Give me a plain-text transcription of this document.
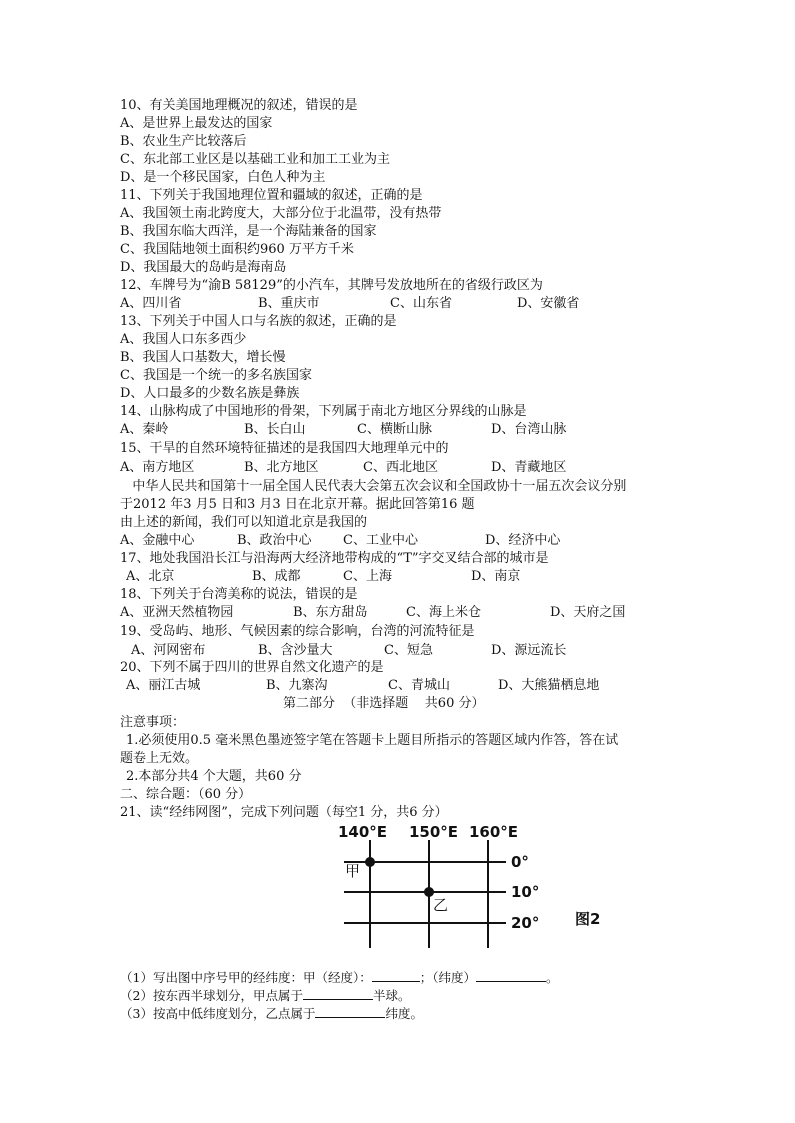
10、有关美国地理概况的叙述，错误的是
A、是世界上最发达的国家
B、农业生产比较落后
C、东北部工业区是以基础工业和加工工业为主
D、是一个移民国家，白色人种为主
11、下列关于我国地理位置和疆域的叙述，正确的是
A、我国领土南北跨度大，大部分位于北温带，没有热带
B、我国东临大西洋，是一个海陆兼备的国家
C、我国陆地领土面积约960 万平方千米
D、我国最大的岛屿是海南岛
12、车牌号为“渝B 58129”的小汽车，其牌号发放地所在的省级行政区为
A、四川省	B、重庆市	C、山东省	D、安徽省
13、下列关于中国人口与名族的叙述，正确的是
A、我国人口东多西少
B、我国人口基数大，增长慢
C、我国是一个统一的多名族国家
D、人口最多的少数名族是彝族
14、山脉构成了中国地形的骨架，下列属于南北方地区分界线的山脉是
A、秦岭	B、长白山	C、横断山脉	D、台湾山脉
15、干旱的自然环境特征描述的是我国四大地理单元中的
A、南方地区	B、北方地区	C、西北地区	D、青藏地区
中华人民共和国第十一届全国人民代表大会第五次会议和全国政协十一届五次会议分别
于2012 年3 月5 日和3 月3 日在北京开幕。据此回答第16 题
由上述的新闻，我们可以知道北京是我国的
A、金融中心	B、政治中心 C、工业中心	D、经济中心
17、地处我国沿长江与沿海两大经济地带构成的“T”字交叉结合部的城市是
A、北京	B、成都	C、上海	D、南京
18、下列关于台湾美称的说法，错误的是
A、亚洲天然植物园	B、东方甜岛	C、海上米仓	D、天府之国
19、受岛屿、地形、气候因素的综合影响，台湾的河流特征是
A、河网密布	B、含沙量大	C、短急	D、源远流长
20、下列不属于四川的世界自然文化遗产的是
A、丽江古城	B、九寨沟	C、青城山	D、大熊猫栖息地
第二部分  （非选择题    共60 分）
注意事项：
1.必须使用0.5 毫米黑色墨迹签字笔在答题卡上题目所指示的答题区域内作答，答在试
题卷上无效。
2.本部分共4 个大题，共60 分
二、综合题：（60 分）
21、读“经纬网图”，完成下列问题（每空1 分，共6 分）
140°E 150°E 160°E
0°
10°
20°
甲
乙
图2
（1）写出图中序号甲的经纬度：甲（经度）：	；（纬度）	。
（2）按东西半球划分，甲点属于	半球。
（3）按高中低纬度划分，乙点属于	纬度。
